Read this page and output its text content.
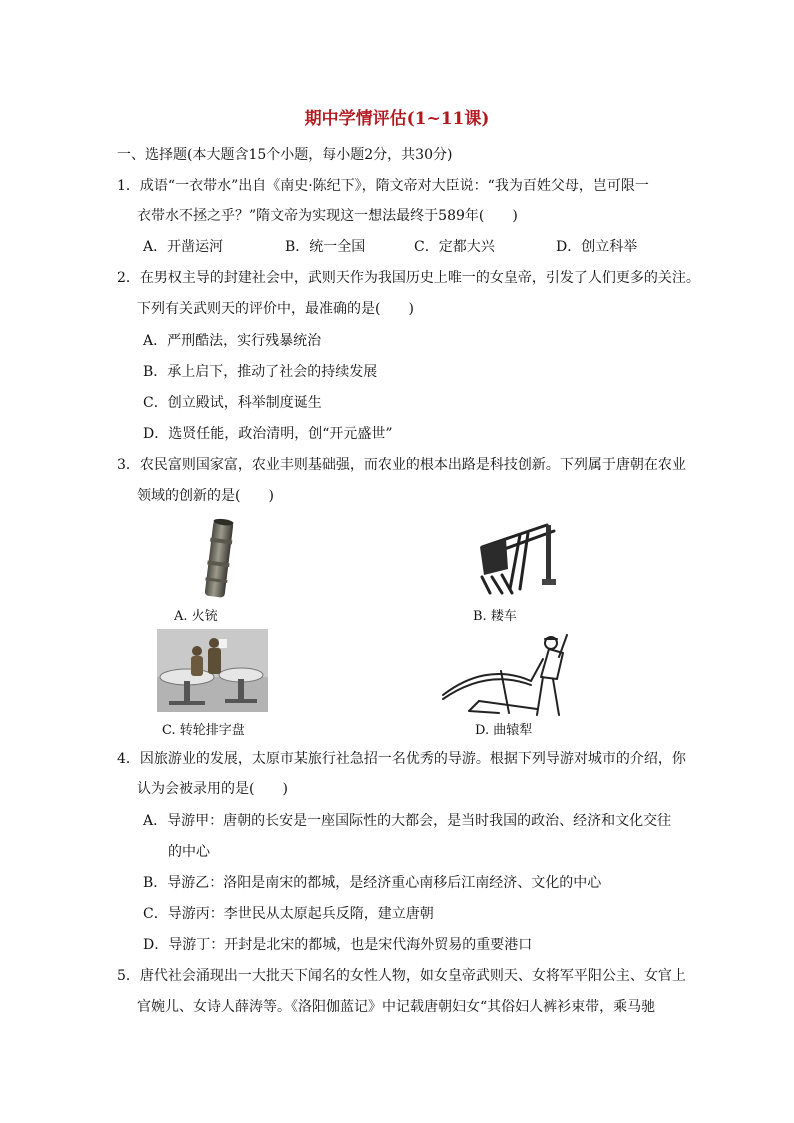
期中学情评估(1~11课)
一、选择题(本大题含15个小题，每小题2分，共30分)
1．成语“一衣带水”出自《南史·陈纪下》，隋文帝对大臣说：“我为百姓父母，岂可限一
衣带水不拯之乎？”隋文帝为实现这一想法最终于589年(　　)
A．开凿运河	B．统一全国	C．定都大兴	D．创立科举
2．在男权主导的封建社会中，武则天作为我国历史上唯一的女皇帝，引发了人们更多的关注。
下列有关武则天的评价中，最准确的是(　　)
A．严刑酷法，实行残暴统治
B．承上启下，推动了社会的持续发展
C．创立殿试，科举制度诞生
D．选贤任能，政治清明，创“开元盛世”
3．农民富则国家富，农业丰则基础强，而农业的根本出路是科技创新。下列属于唐朝在农业
领域的创新的是(　　)
A. 火铳	B. 耧车
C. 转轮排字盘	D. 曲辕犁
4．因旅游业的发展，太原市某旅行社急招一名优秀的导游。根据下列导游对城市的介绍，你
认为会被录用的是(　　)
A．导游甲：唐朝的长安是一座国际性的大都会，是当时我国的政治、经济和文化交往
的中心
B．导游乙：洛阳是南宋的都城，是经济重心南移后江南经济、文化的中心
C．导游丙：李世民从太原起兵反隋，建立唐朝
D．导游丁：开封是北宋的都城，也是宋代海外贸易的重要港口
5．唐代社会涌现出一大批天下闻名的女性人物，如女皇帝武则天、女将军平阳公主、女官上
官婉儿、女诗人薛涛等。《洛阳伽蓝记》中记载唐朝妇女“其俗妇人裤衫束带，乘马驰
